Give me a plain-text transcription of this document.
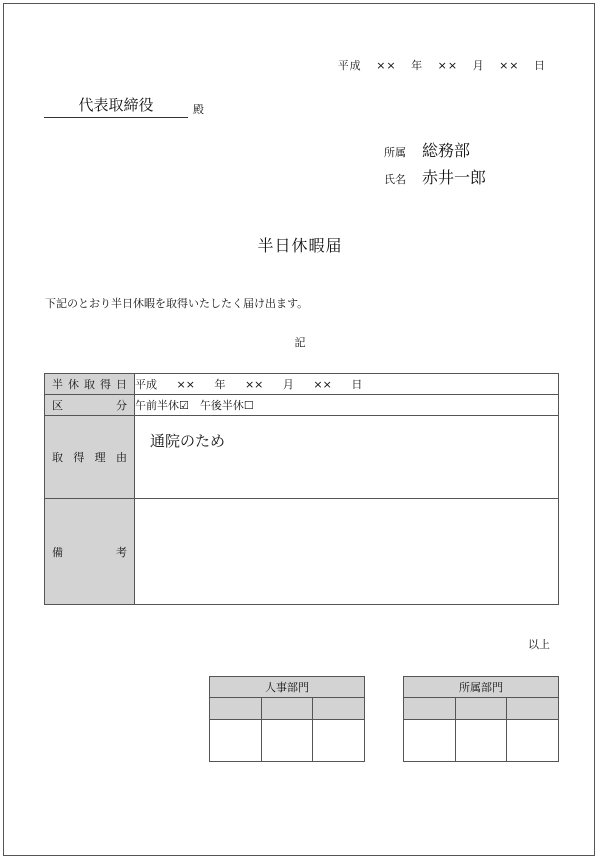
平成 ×× 年 ×× 月 ×× 日
代表取締役	殿
所属	総務部
氏名	赤井一郎
半日休暇届
下記のとおり半日休暇を取得いたしたく届け出ます。
記
半 休 取 得 日	平成 ×× 年 ×× 月 ×× 日

区 分	午前半休☑　午後半休☐

取 得 理 由	通院のため

備 考	

以上
人事部門		

			所属部門		
